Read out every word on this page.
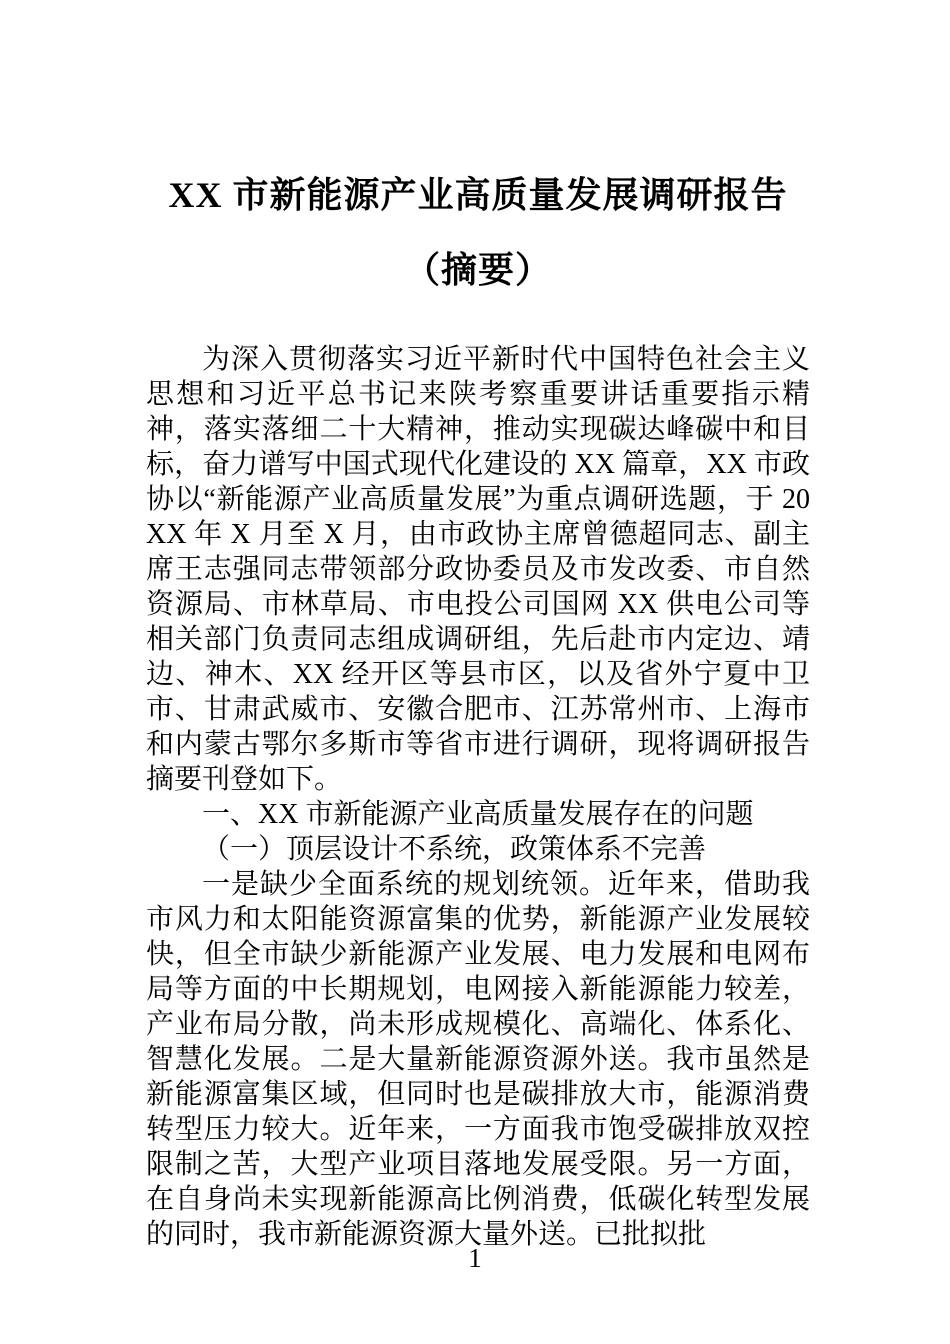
XX 市新能源产业高质量发展调研报告（摘要）

为深入贯彻落实习近平新时代中国特色社会主义思想和习近平总书记来陕考察重要讲话重要指示精神，落实落细二十大精神，推动实现碳达峰碳中和目标，奋力谱写中国式现代化建设的 XX 篇章，XX 市政协以“新能源产业高质量发展”为重点调研选题，于 20XX 年 X 月至 X 月，由市政协主席曾德超同志、副主席王志强同志带领部分政协委员及市发改委、市自然资源局、市林草局、市电投公司国网 XX 供电公司等相关部门负责同志组成调研组，先后赴市内定边、靖边、神木、XX 经开区等县市区，以及省外宁夏中卫市、甘肃武威市、安徽合肥市、江苏常州市、上海市和内蒙古鄂尔多斯市等省市进行调研，现将调研报告摘要刊登如下。

一、XX 市新能源产业高质量发展存在的问题

（一）顶层设计不系统，政策体系不完善

一是缺少全面系统的规划统领。近年来，借助我市风力和太阳能资源富集的优势，新能源产业发展较快，但全市缺少新能源产业发展、电力发展和电网布局等方面的中长期规划，电网接入新能源能力较差，产业布局分散，尚未形成规模化、高端化、体系化、智慧化发展。二是大量新能源资源外送。我市虽然是新能源富集区域，但同时也是碳排放大市，能源消费转型压力较大。近年来，一方面我市饱受碳排放双控限制之苦，大型产业项目落地发展受限。另一方面，在自身尚未实现新能源高比例消费，低碳化转型发展的同时，我市新能源资源大量外送。已批拟批

1
